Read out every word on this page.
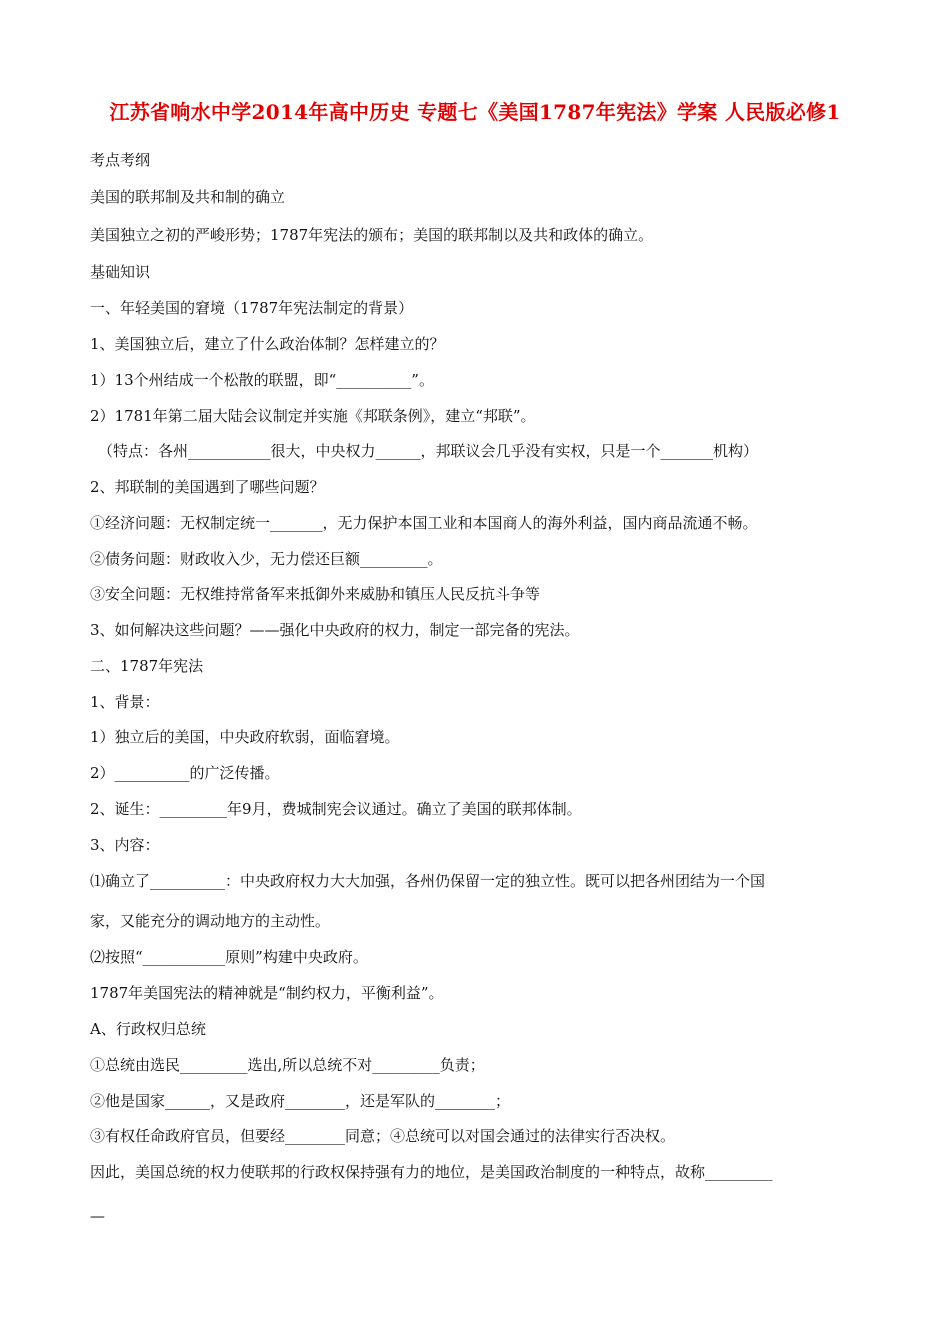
江苏省响水中学2014年高中历史 专题七《美国1787年宪法》学案 人民版必修1
考点考纲
美国的联邦制及共和制的确立
美国独立之初的严峻形势；1787年宪法的颁布；美国的联邦制以及共和政体的确立。
基础知识
一、年轻美国的窘境（1787年宪法制定的背景）
1、美国独立后，建立了什么政治体制？怎样建立的？
1）13个州结成一个松散的联盟，即“__________”。
2）1781年第二届大陆会议制定并实施《邦联条例》，建立“邦联”。
（特点：各州___________很大，中央权力______，邦联议会几乎没有实权，只是一个_______机构）
2、邦联制的美国遇到了哪些问题？
①经济问题：无权制定统一_______，无力保护本国工业和本国商人的海外利益，国内商品流通不畅。
②债务问题：财政收入少，无力偿还巨额_________。
③安全问题：无权维持常备军来抵御外来威胁和镇压人民反抗斗争等
3、如何解决这些问题？——强化中央政府的权力，制定一部完备的宪法。
二、1787年宪法
1、背景：
1）独立后的美国，中央政府软弱，面临窘境。
2）__________的广泛传播。
2、诞生：_________年9月，费城制宪会议通过。确立了美国的联邦体制。
3、内容：
⑴确立了__________：中央政府权力大大加强，各州仍保留一定的独立性。既可以把各州团结为一个国
家，又能充分的调动地方的主动性。
⑵按照“___________原则”构建中央政府。
1787年美国宪法的精神就是“制约权力，平衡利益”。
A、行政权归总统
①总统由选民_________选出,所以总统不对_________负责；
②他是国家______，又是政府________，还是军队的________；
③有权任命政府官员，但要经________同意；④总统可以对国会通过的法律实行否决权。
因此，美国总统的权力使联邦的行政权保持强有力的地位，是美国政治制度的一种特点，故称_________
—
